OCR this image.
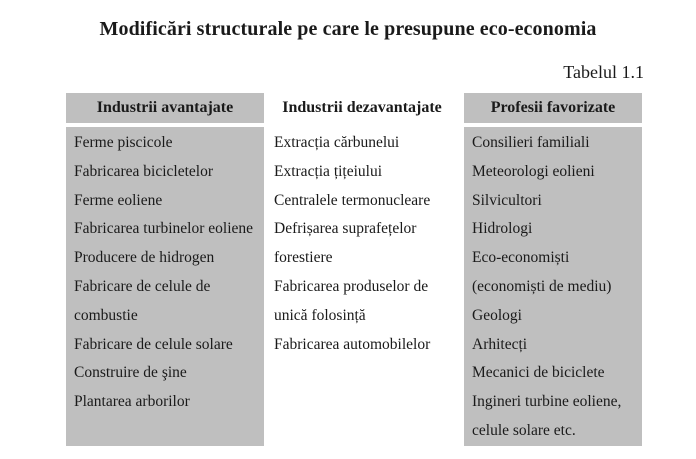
Modificări structurale pe care le presupune eco-economia
Tabelul 1.1
Industrii avantajate
Ferme piscicole
Fabricarea bicicletelor
Ferme eoliene
Fabricarea turbinelor eoliene
Producere de hidrogen
Fabricare de celule de
combustie
Fabricare de celule solare
Construire de şine
Plantarea arborilor
Industrii dezavantajate
Extracția cărbunelui
Extracția țițeiului
Centralele termonucleare
Defrișarea suprafețelor
forestiere
Fabricarea produselor de
unică folosință
Fabricarea automobilelor
Profesii favorizate
Consilieri familiali
Meteorologi eolieni
Silvicultori
Hidrologi
Eco-economiști
(economiști de mediu)
Geologi
Arhitecți
Mecanici de biciclete
Ingineri turbine eoliene,
celule solare etc.
